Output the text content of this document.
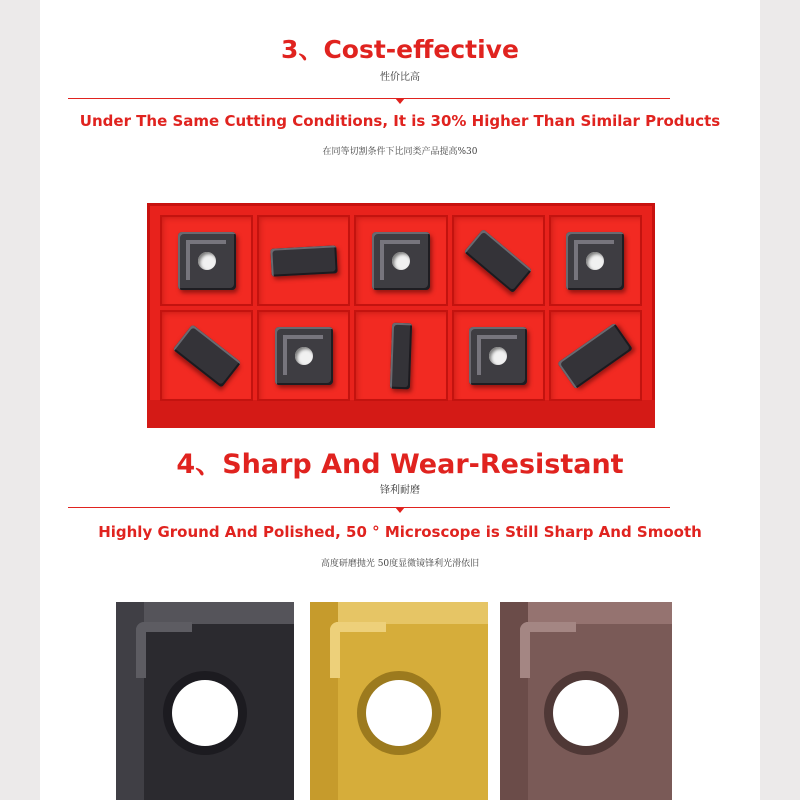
3、Cost-effective
性价比高
Under The Same Cutting Conditions, It is 30% Higher Than Similar Products
在同等切割条件下比同类产品提高%30
4、Sharp And Wear-Resistant
锋利耐磨
Highly Ground And Polished, 50 ° Microscope is Still Sharp And Smooth
高度研磨抛光 50度显微镜锋利光滑依旧
